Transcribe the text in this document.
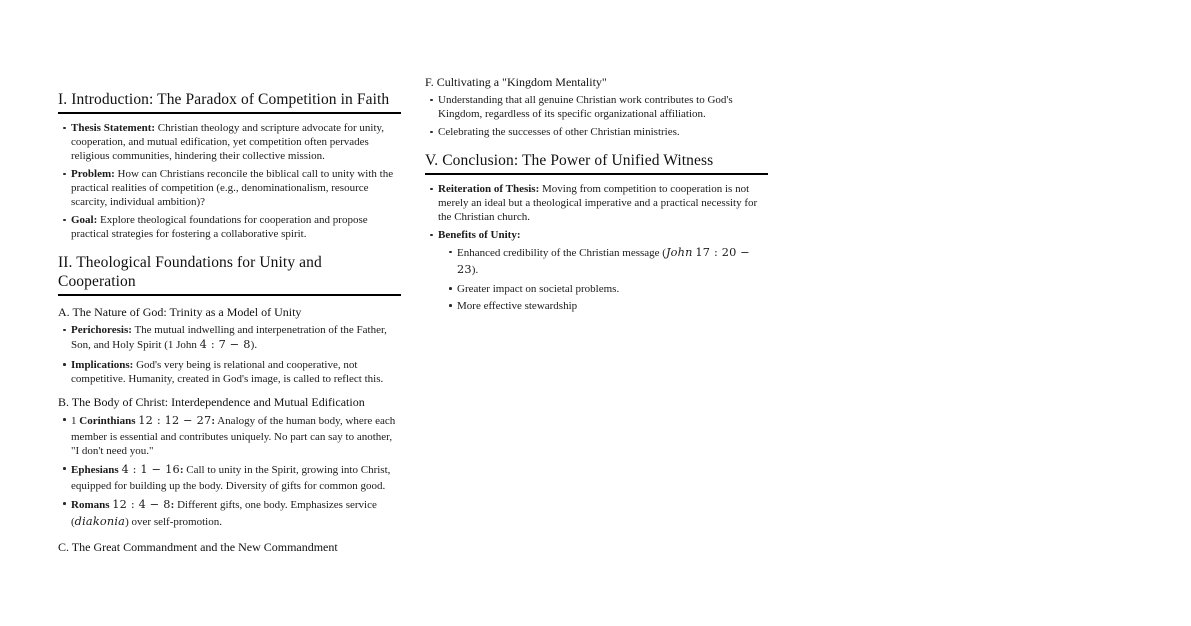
I. Introduction: The Paradox of Competition in Faith
Thesis Statement: Christian theology and scripture advocate for unity, cooperation, and mutual edification, yet competition often pervades religious communities, hindering their collective mission.
Problem: How can Christians reconcile the biblical call to unity with the practical realities of competition (e.g., denominationalism, resource scarcity, individual ambition)?
Goal: Explore theological foundations for cooperation and propose practical strategies for fostering a collaborative spirit.
II. Theological Foundations for Unity and Cooperation
A. The Nature of God: Trinity as a Model of Unity
Perichoresis: The mutual indwelling and interpenetration of the Father, Son, and Holy Spirit (1 John 4 : 7 − 8).
Implications: God's very being is relational and cooperative, not competitive. Humanity, created in God's image, is called to reflect this.
B. The Body of Christ: Interdependence and Mutual Edification
1 Corinthians 12 : 12 − 27: Analogy of the human body, where each member is essential and contributes uniquely. No part can say to another, "I don't need you."
Ephesians 4 : 1 − 16: Call to unity in the Spirit, growing into Christ, equipped for building up the body. Diversity of gifts for common good.
Romans 12 : 4 − 8: Different gifts, one body. Emphasizes service (diakonia) over self-promotion.
C. The Great Commandment and the New Commandment
F. Cultivating a "Kingdom Mentality"
Understanding that all genuine Christian work contributes to God's Kingdom, regardless of its specific organizational affiliation.
Celebrating the successes of other Christian ministries.
V. Conclusion: The Power of Unified Witness
Reiteration of Thesis: Moving from competition to cooperation is not merely an ideal but a theological imperative and a practical necessity for the Christian church.
Benefits of Unity:
Enhanced credibility of the Christian message (John 17 : 20 − 23).
Greater impact on societal problems.
More effective stewardship
